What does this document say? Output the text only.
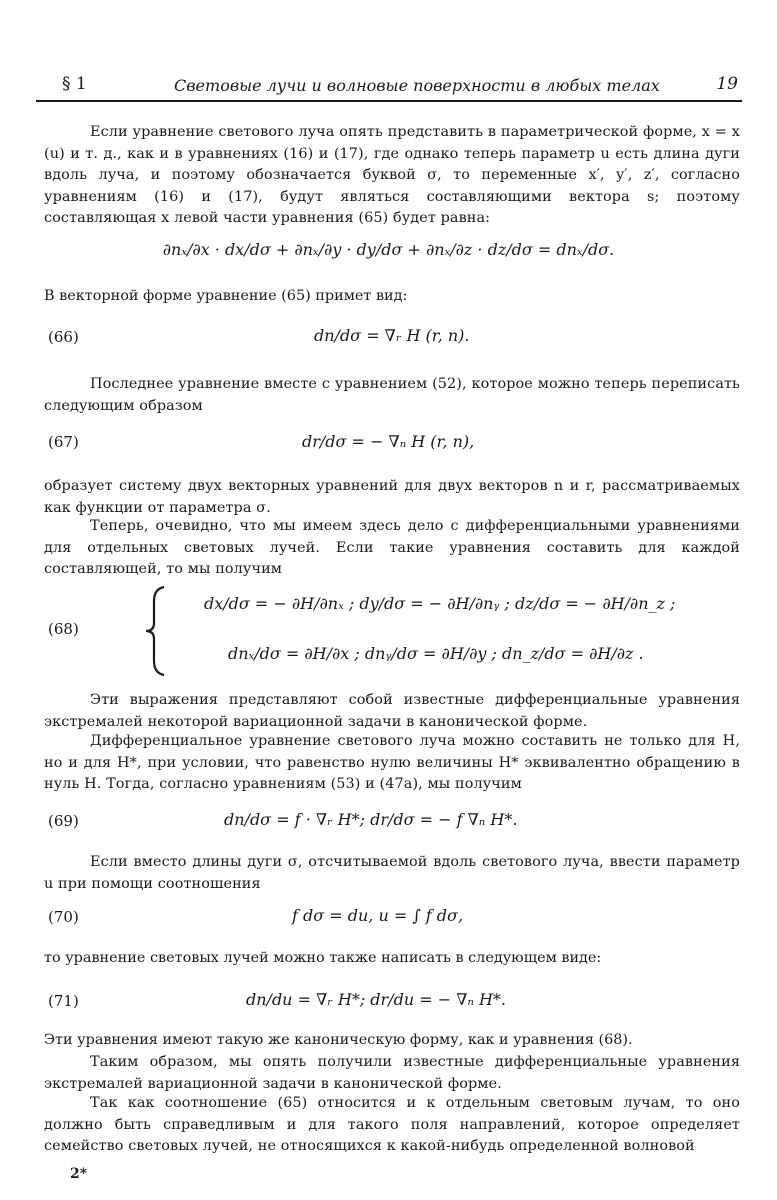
§ 1	Световые лучи и волновые поверхности в любых телах	19
Если уравнение светового луча опять представить в параметрической форме, x = x (u) и т. д., как и в уравнениях (16) и (17), где однако теперь параметр u есть длина дуги вдоль луча, и поэтому обозначается буквой σ, то переменные x′, y′, z′, согласно уравнениям (16) и (17), будут являться составляющими вектора s; поэтому составляющая x левой части уравнения (65) будет равна:
∂nₓ/∂x · dx/dσ + ∂nₓ/∂y · dy/dσ + ∂nₓ/∂z · dz/dσ = dnₓ/dσ.
В векторной форме уравнение (65) примет вид:
(66)	dn/dσ = ∇ᵣ H (r, n).
Последнее уравнение вместе с уравнением (52), которое можно теперь переписать следующим образом
(67)	dr/dσ = − ∇ₙ H (r, n),
образует систему двух векторных уравнений для двух векторов n и r, рассматриваемых как функции от параметра σ.
Теперь, очевидно, что мы имеем здесь дело с дифференциальными уравнениями для отдельных световых лучей. Если такие уравнения составить для каждой составляющей, то мы получим
(68)
dx/dσ = − ∂H/∂nₓ ; dy/dσ = − ∂H/∂nᵧ ; dz/dσ = − ∂H/∂n_z ;
dnₓ/dσ = ∂H/∂x ; dnᵧ/dσ = ∂H/∂y ; dn_z/dσ = ∂H/∂z .
Эти выражения представляют собой известные дифференциальные уравнения экстремалей некоторой вариационной задачи в канонической форме.
Дифференциальное уравнение светового луча можно составить не только для H, но и для H*, при условии, что равенство нулю величины H* эквивалентно обращению в нуль H. Тогда, согласно уравнениям (53) и (47a), мы получим
(69)	dn/dσ = f · ∇ᵣ H*; dr/dσ = − f ∇ₙ H*.
Если вместо длины дуги σ, отсчитываемой вдоль светового луча, ввести параметр u при помощи соотношения
(70)	f dσ = du, u = ∫ f dσ,
то уравнение световых лучей можно также написать в следующем виде:
(71)	dn/du = ∇ᵣ H*; dr/du = − ∇ₙ H*.
Эти уравнения имеют такую же каноническую форму, как и уравнения (68).
Таким образом, мы опять получили известные дифференциальные уравнения экстремалей вариационной задачи в канонической форме.
Так как соотношение (65) относится и к отдельным световым лучам, то оно должно быть справедливым и для такого поля направлений, которое определяет семейство световых лучей, не относящихся к какой-нибудь определенной волновой
2*
